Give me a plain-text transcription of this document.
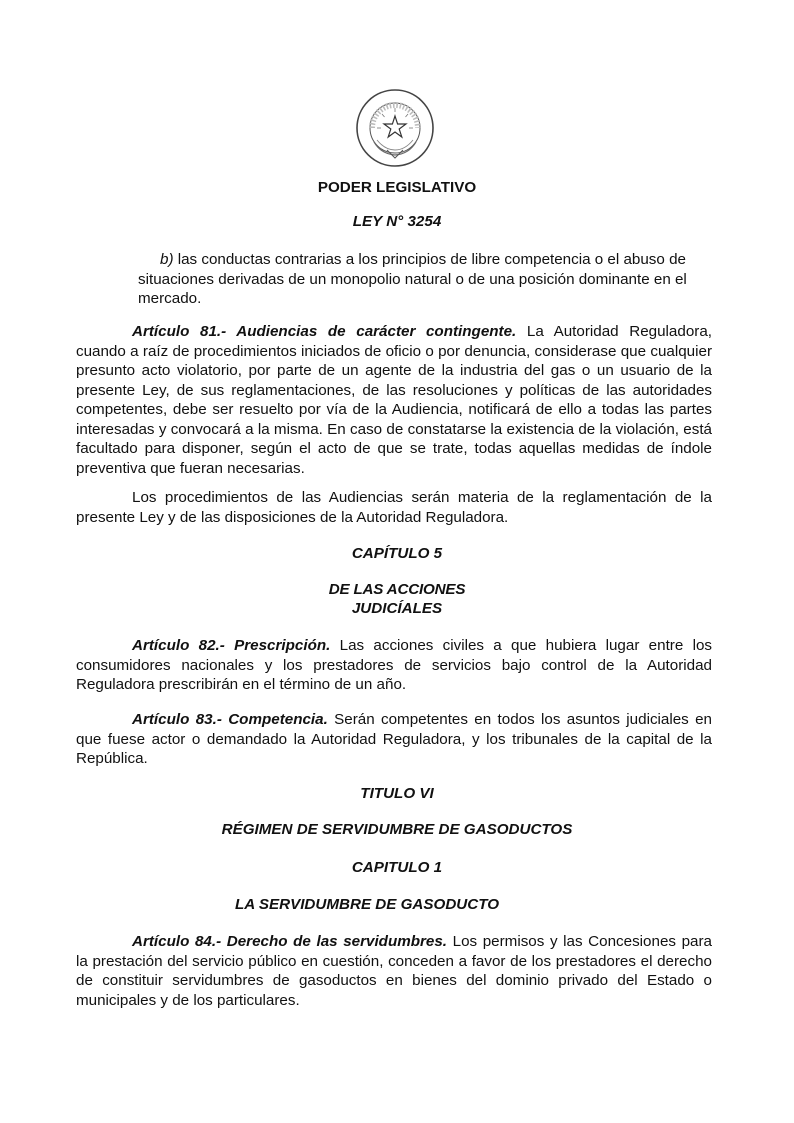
PODER LEGISLATIVO
LEY N° 3254
b) las conductas contrarias a los principios de libre competencia o el abuso de situaciones derivadas de un monopolio natural o de una posición dominante en el mercado.
Artículo 81.- Audiencias de carácter contingente. La Autoridad Reguladora, cuando a raíz de procedimientos iniciados de oficio o por denuncia, considerase que cualquier presunto acto violatorio, por parte de un agente de la industria del gas o un usuario de la presente Ley, de sus reglamentaciones, de las resoluciones y políticas de las autoridades competentes, debe ser resuelto por vía de la Audiencia, notificará de ello a todas las partes interesadas y convocará a la misma. En caso de constatarse la existencia de la violación, está facultado para disponer, según el acto de que se trate, todas aquellas medidas de índole preventiva que fueran necesarias.
Los procedimientos de las Audiencias serán materia de la reglamentación de la presente Ley y de las disposiciones de la Autoridad Reguladora.
CAPÍTULO 5
DE LAS ACCIONES
JUDICÍALES
Artículo 82.- Prescripción. Las acciones civiles a que hubiera lugar entre los consumidores nacionales y los prestadores de servicios bajo control de la Autoridad Reguladora prescribirán en el término de un año.
Artículo 83.- Competencia. Serán competentes en todos los asuntos judiciales en que fuese actor o demandado la Autoridad Reguladora, y los tribunales de la capital de la República.
TITULO VI
RÉGIMEN DE SERVIDUMBRE DE GASODUCTOS
CAPITULO 1
LA SERVIDUMBRE DE GASODUCTO
Artículo 84.- Derecho de las servidumbres. Los permisos y las Concesiones para la prestación del servicio público en cuestión, conceden a favor de los prestadores el derecho de constituir servidumbres de gasoductos en bienes del dominio privado del Estado o municipales y de los particulares.
